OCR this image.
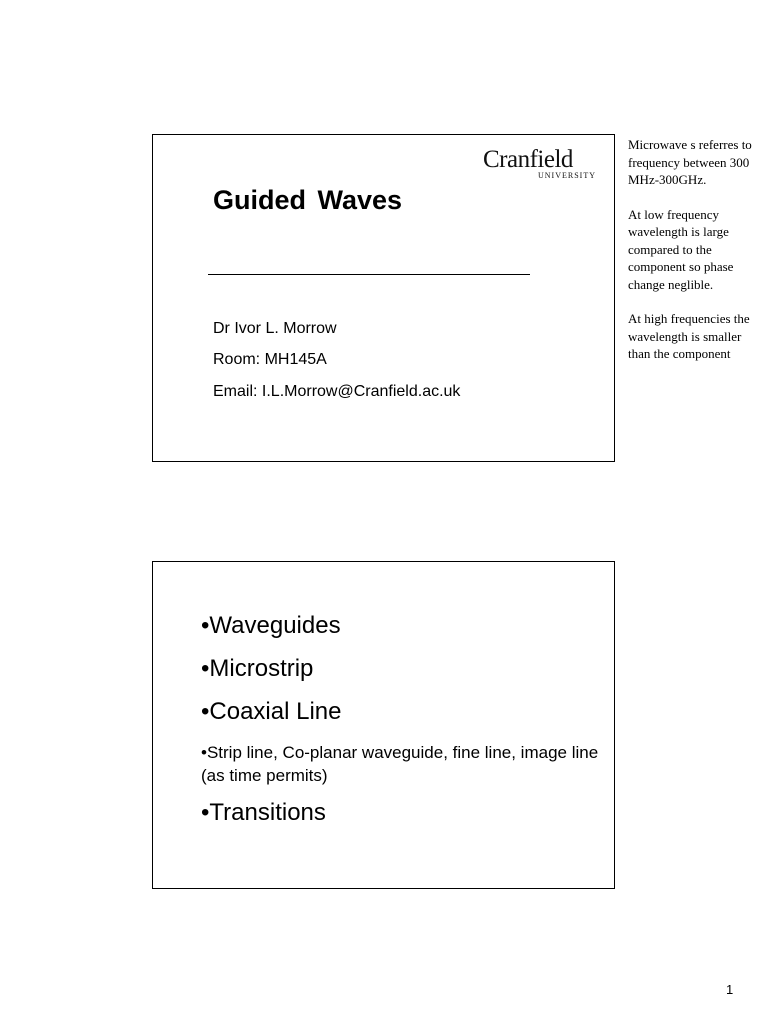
Cranfield
UNIVERSITY
Guided Waves
Dr Ivor L. Morrow
Room: MH145A
Email: I.L.Morrow@Cranfield.ac.uk

Microwave s referres to frequency between 300 MHz-300GHz.

At low frequency wavelength is large compared to the component so phase change neglible.

At high frequencies the wavelength is smaller than the component

•Waveguides
•Microstrip
•Coaxial Line
•Strip line, Co-planar waveguide, fine line, image line (as time permits)
•Transitions
1
